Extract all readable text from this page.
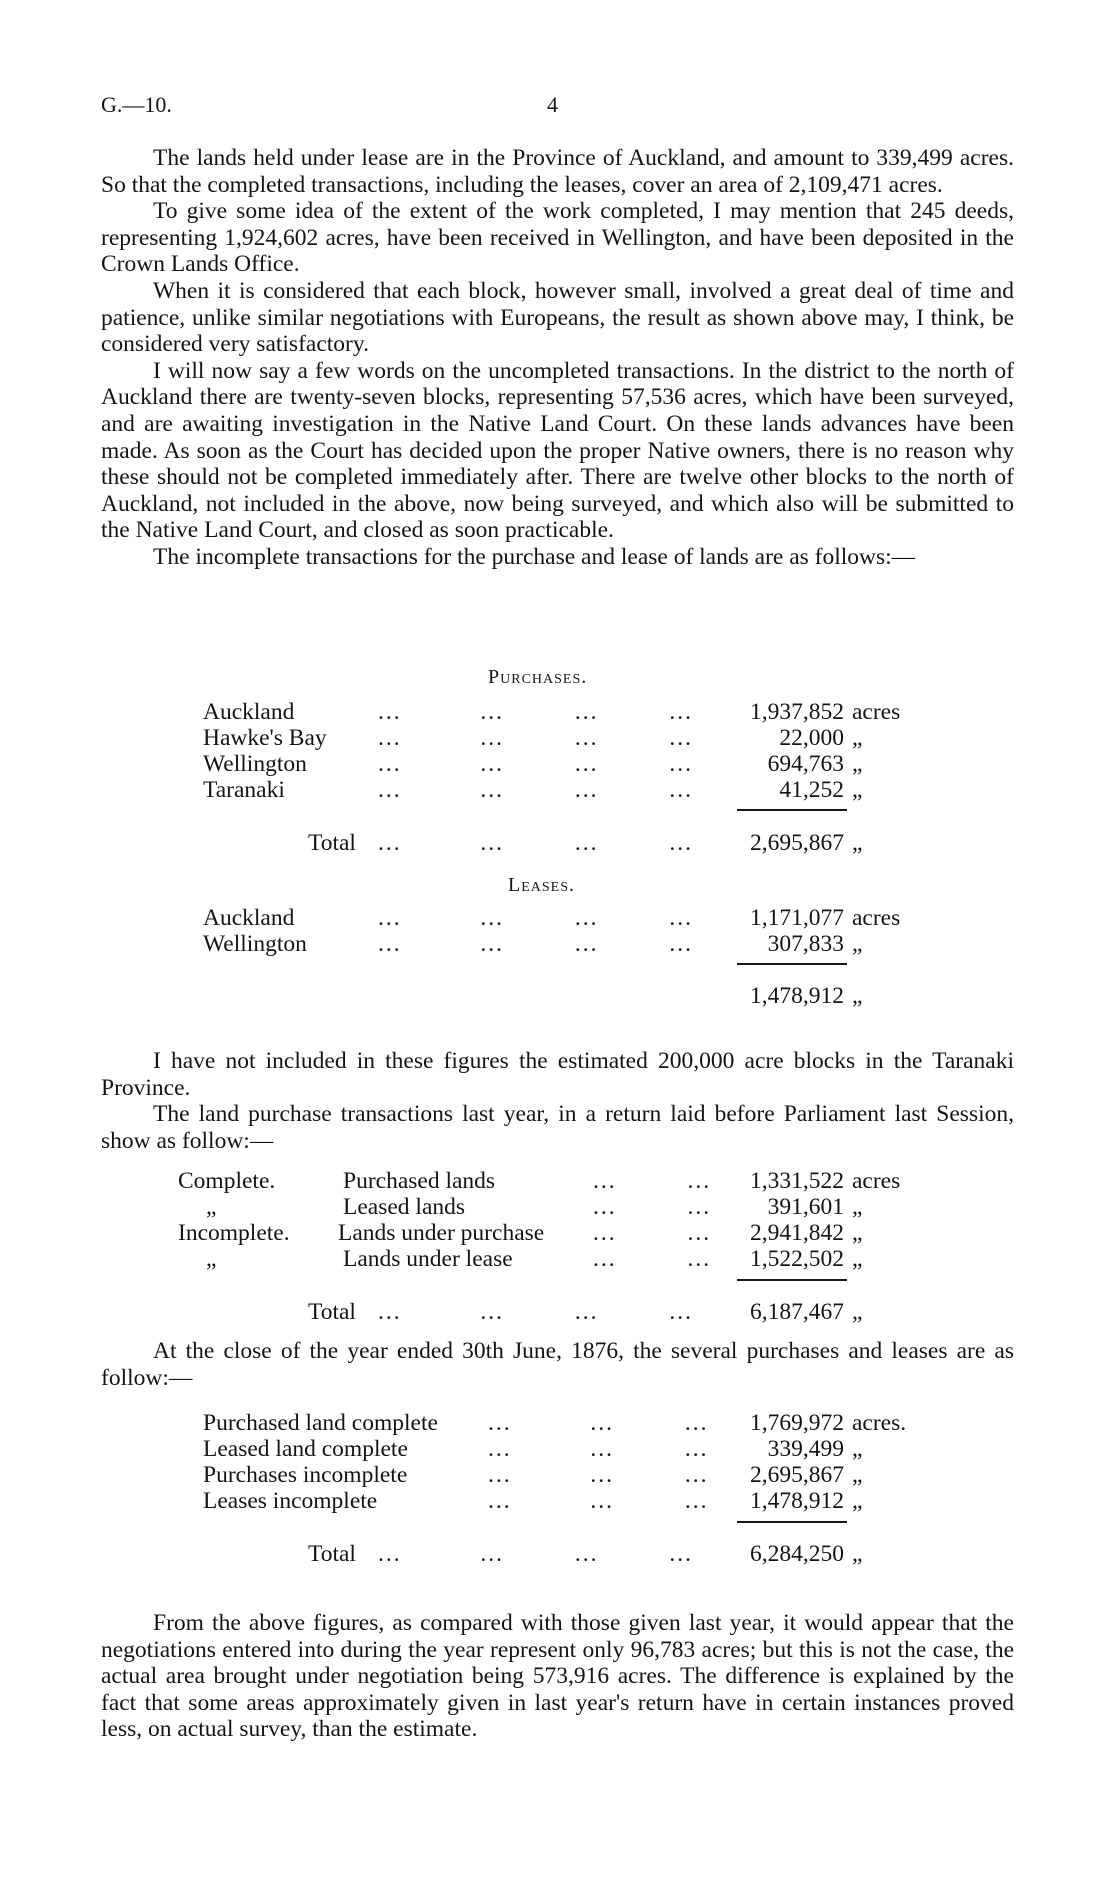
G.—10.	4

The lands held under lease are in the Province of Auckland, and amount to 339,499 acres. So that the completed transactions, including the leases, cover an area of 2,109,471 acres.

To give some idea of the extent of the work completed, I may mention that 245 deeds, representing 1,924,602 acres, have been received in Wellington, and have been deposited in the Crown Lands Office.

When it is considered that each block, however small, involved a great deal of time and patience, unlike similar negotiations with Europeans, the result as shown above may, I think, be considered very satisfactory.

I will now say a few words on the uncompleted transactions. In the district to the north of Auckland there are twenty-seven blocks, representing 57,536 acres, which have been surveyed, and are awaiting investigation in the Native Land Court. On these lands advances have been made. As soon as the Court has decided upon the proper Native owners, there is no reason why these should not be completed immediately after. There are twelve other blocks to the north of Auckland, not included in the above, now being surveyed, and which also will be submitted to the Native Land Court, and closed as soon practicable.

The incomplete transactions for the purchase and lease of lands are as follows:—

Purchases.
Auckland	...          ...         ...         ... 1,937,852 acres
Hawke's Bay ...          ...         ...         ...	22,000 „
Wellington	...          ...         ...         ...	694,763 „
Taranaki	...          ...         ...         ...	41,252 „
Total ...          ...         ...         ... 2,695,867 „
Leases.
Auckland	...          ...         ...         ... 1,171,077 acres
Wellington	...          ...         ...         ...	307,833 „
1,478,912 „

I have not included in these figures the estimated 200,000 acre blocks in the Taranaki Province.

The land purchase transactions last year, in a return laid before Parliament last Session, show as follow:—

Complete.	Purchased lands	...         ... 1,331,522 acres
„	Leased lands	...         ... 391,601 „
Incomplete. Lands under purchase ...         ... 2,941,842 „
„	Lands under lease	...         ... 1,522,502 „
Total ...          ...         ...         ... 6,187,467 „

At the close of the year ended 30th June, 1876, the several purchases and leases are as follow:—

Purchased land complete ...          ...         ... 1,769,972 acres.
Leased land complete	...          ...         ...	339,499 „
Purchases incomplete	...          ...         ... 2,695,867 „
Leases incomplete	...          ...         ... 1,478,912 „
Total ...          ...         ...         ... 6,284,250 „

From the above figures, as compared with those given last year, it would appear that the negotiations entered into during the year represent only 96,783 acres; but this is not the case, the actual area brought under negotiation being 573,916 acres. The difference is explained by the fact that some areas approximately given in last year's return have in certain instances proved less, on actual survey, than the estimate.
